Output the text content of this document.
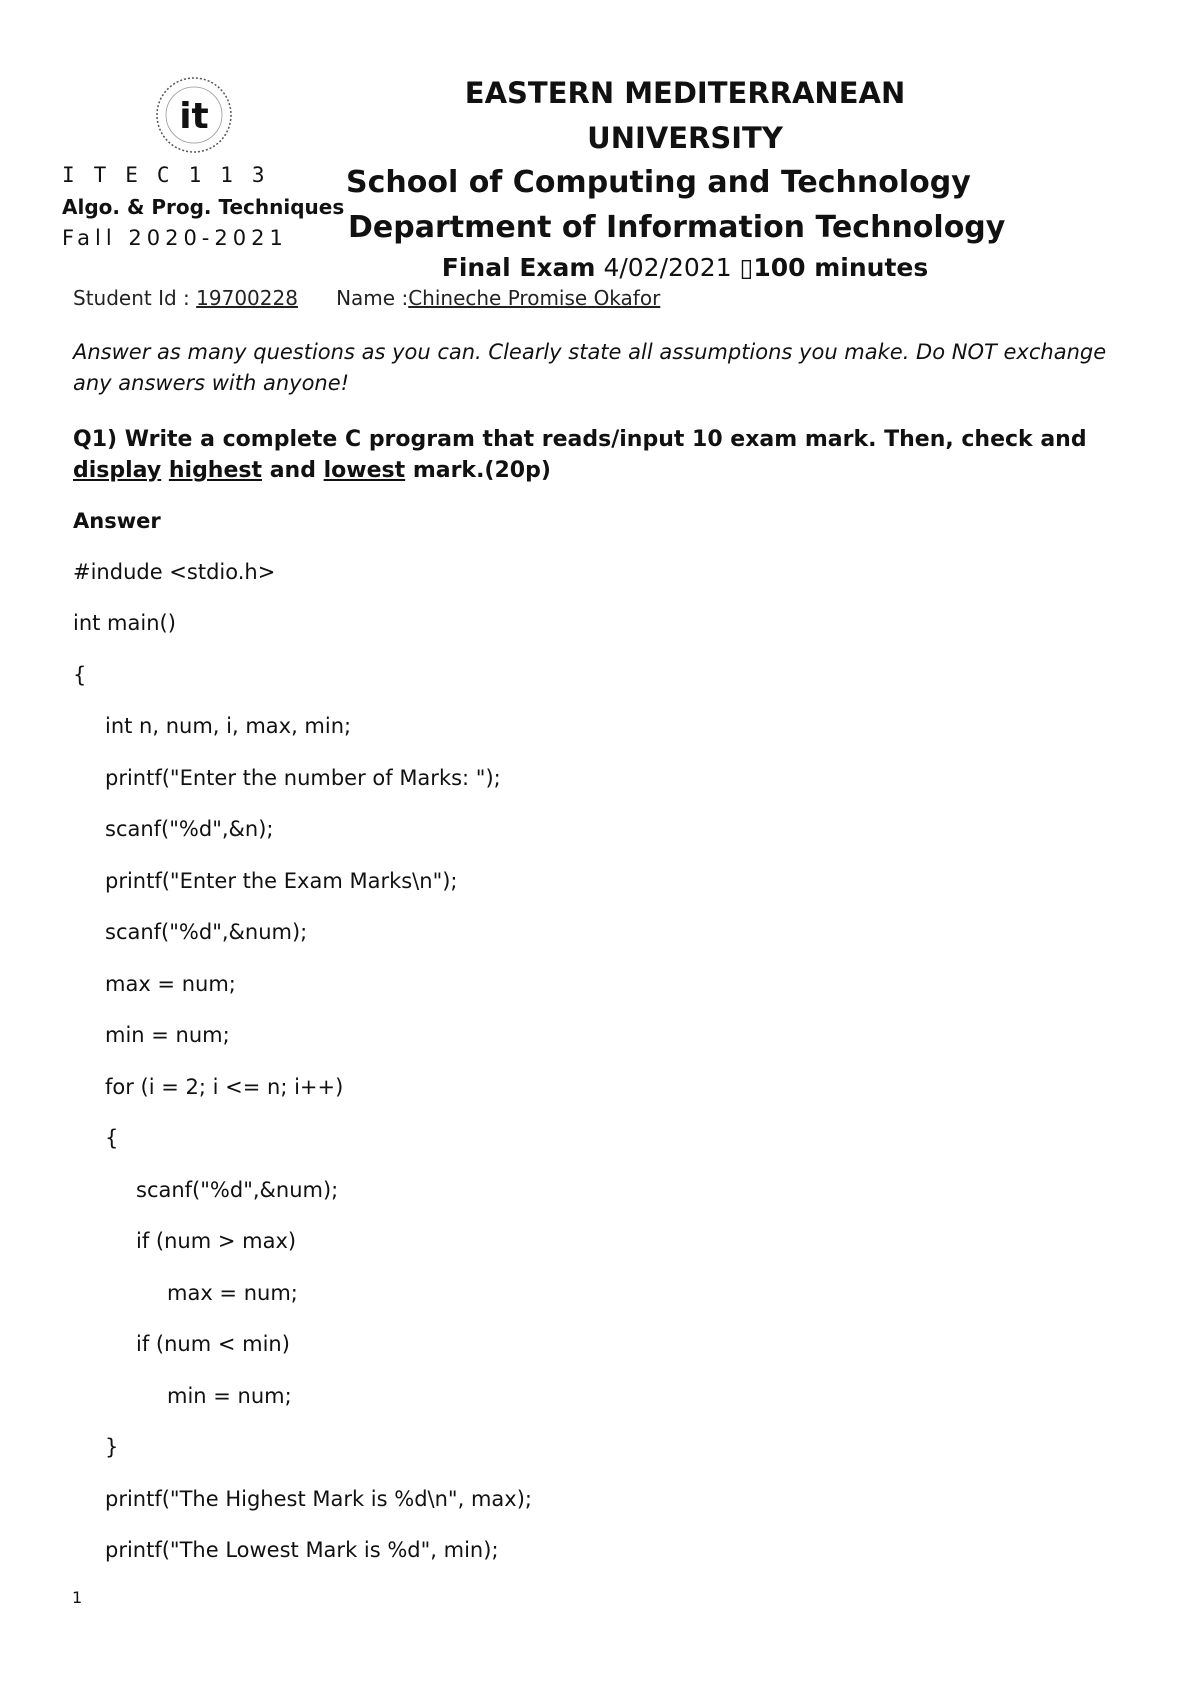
it
ITEC113
Algo. & Prog. Techniques
Fall 2020-2021
EASTERN MEDITERRANEAN
UNIVERSITY
School of Computing and Technology
Department of Information Technology
Final Exam 4/02/2021 ▯100 minutes
Student Id : 19700228 Name :Chineche Promise Okafor
Answer as many questions as you can. Clearly state all assumptions you make. Do NOT exchange any answers with anyone!
Q1) Write a complete C program that reads/input 10 exam mark. Then, check and display highest and lowest mark.(20p)
Answer
#indude <stdio.h>
int main()
{
int n, num, i, max, min;
printf("Enter the number of Marks: ");
scanf("%d",&n);
printf("Enter the Exam Marks\n");
scanf("%d",&num);
max = num;
min = num;
for (i = 2; i <= n; i++)
{
scanf("%d",&num);
if (num > max)
max = num;
if (num < min)
min = num;
}
printf("The Highest Mark is %d\n", max);
printf("The Lowest Mark is %d", min);
1
